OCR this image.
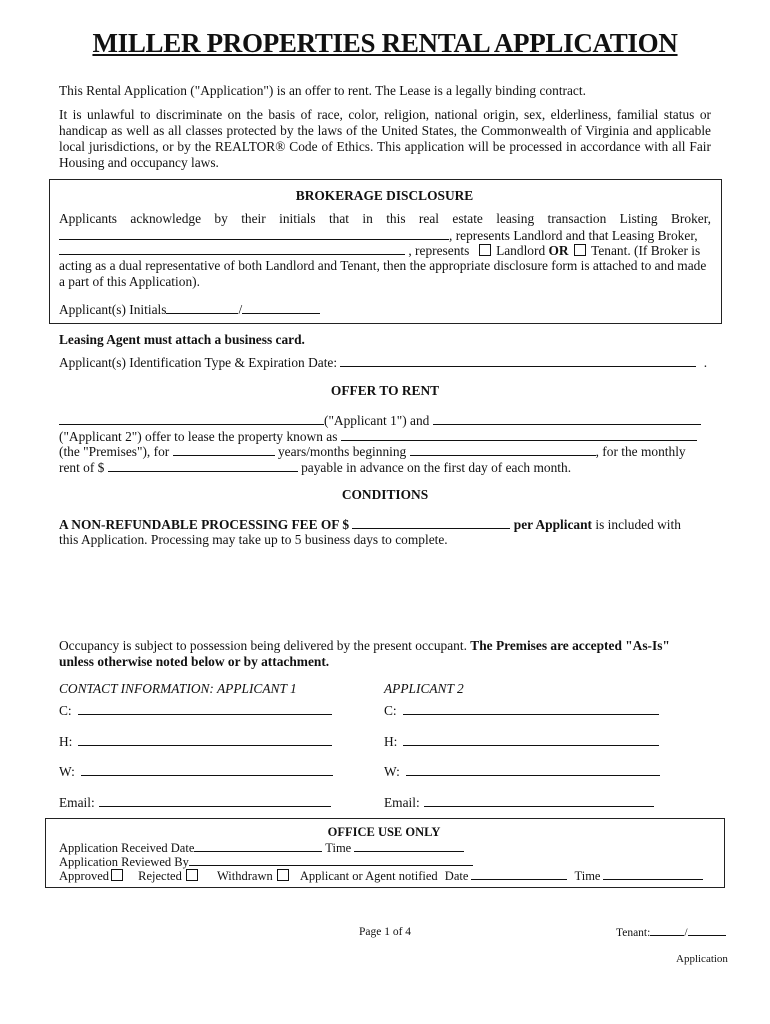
MILLER PROPERTIES RENTAL APPLICATION
This Rental Application ("Application") is an offer to rent. The Lease is a legally binding contract.
It is unlawful to discriminate on the basis of race, color, religion, national origin, sex, elderliness, familial status or handicap as well as all classes protected by the laws of the United States, the Commonwealth of Virginia and applicable local jurisdictions, or by the REALTOR® Code of Ethics. This application will be processed in accordance with all Fair Housing and occupancy laws.
BROKERAGE DISCLOSURE
Applicants acknowledge by their initials that in this real estate leasing transaction Listing Broker,
, represents Landlord and that Leasing Broker,
, represents Landlord OR Tenant. (If Broker is
acting as a dual representative of both Landlord and Tenant, then the appropriate disclosure form is attached to and made a part of this Application).
Applicant(s) Initials	/
Leasing Agent must attach a business card.
Applicant(s) Identification Type & Expiration Date:	.
OFFER TO RENT
("Applicant 1") and
("Applicant 2") offer to lease the property known as
(the "Premises"), for	years/months beginning	, for the monthly
rent of $	payable in advance on the first day of each month.
CONDITIONS
A NON-REFUNDABLE PROCESSING FEE OF $	per Applicant is included with
this Application. Processing may take up to 5 business days to complete.
Occupancy is subject to possession being delivered by the present occupant. The Premises are accepted "As-Is"
unless otherwise noted below or by attachment.
CONTACT INFORMATION: APPLICANT 1	APPLICANT 2
C:	C:
H:	H:
W:	W:
Email:	Email:
OFFICE USE ONLY
Application Received Date	Time
Application Reviewed By
Approved Rejected	Withdrawn Applicant or Agent notified Date	Time
Page 1 of 4	Tenant:	/
Application
